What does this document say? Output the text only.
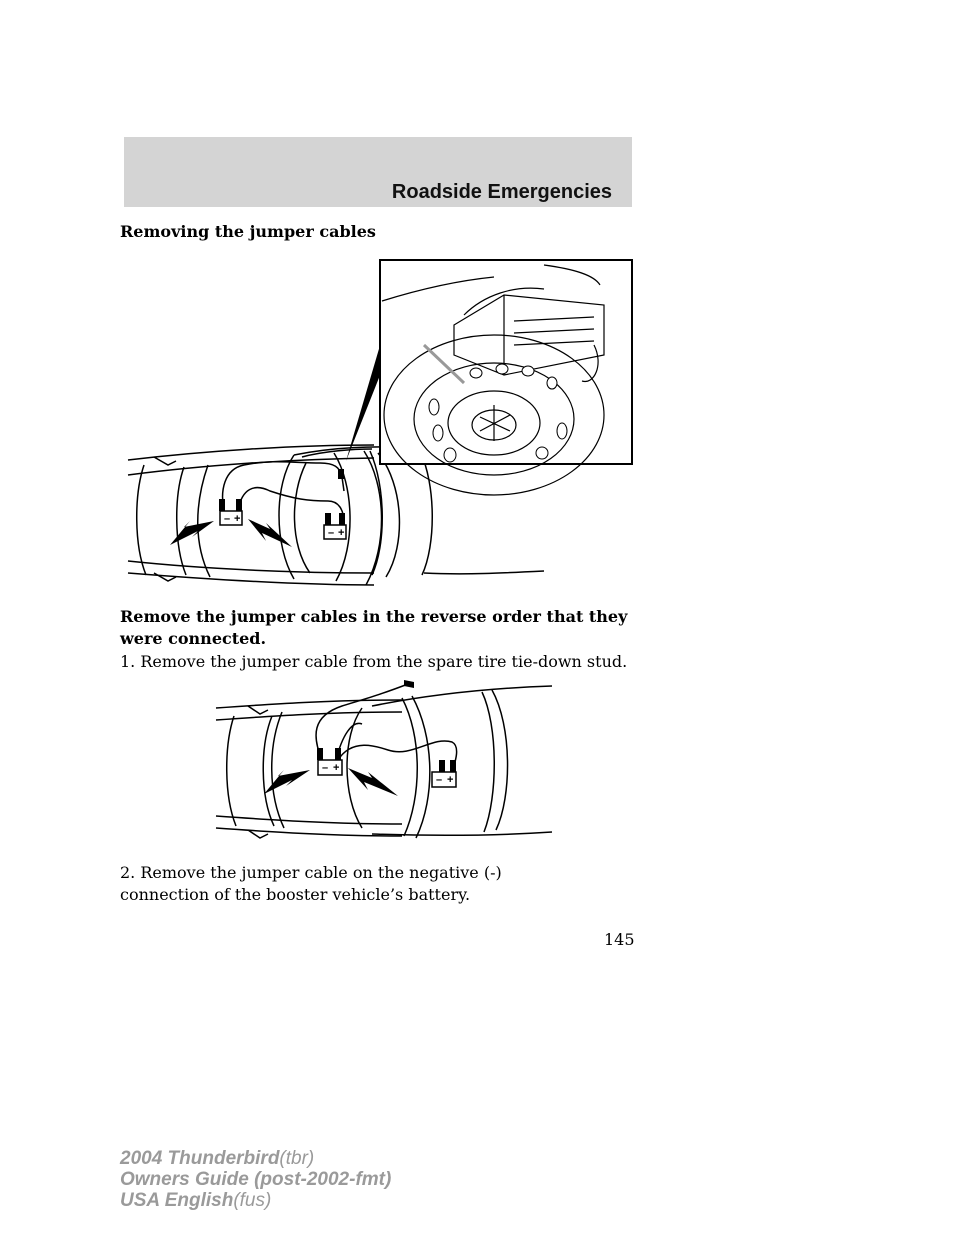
Roadside Emergencies
Removing the jumper cables
– +
– +
Remove the jumper cables in the reverse order that they were connected.
1. Remove the jumper cable from the spare tire tie-down stud.
– +
– +
2. Remove the jumper cable on the negative (-) connection of the booster vehicle’s battery.
145
2004 Thunderbird(tbr)
Owners Guide (post-2002-fmt)
USA English(fus)
